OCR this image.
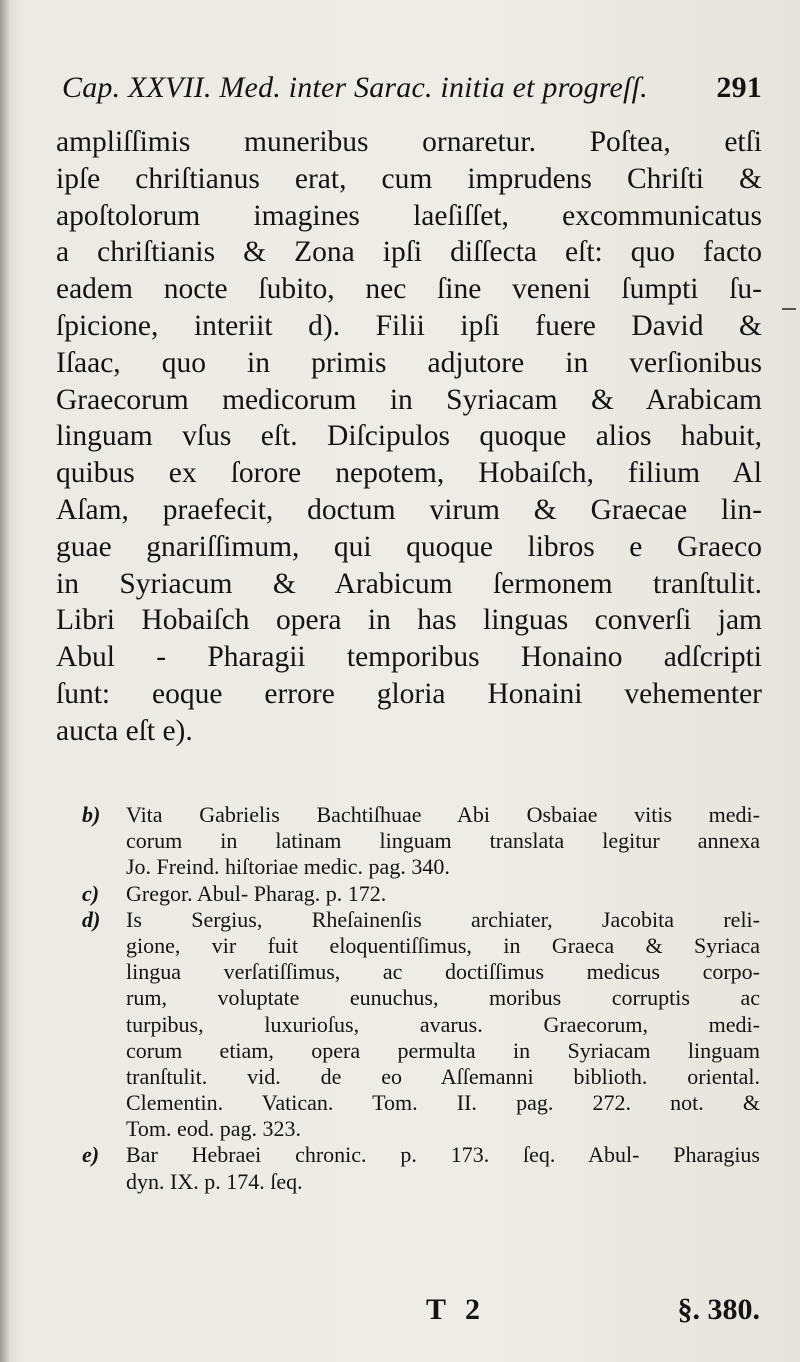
Cap. XXVII. Med. inter Sarac. initia et progreſſ. 291
ampliſſimis muneribus ornaretur. Poſtea, etſi
ipſe chriſtianus erat, cum imprudens Chriſti &
apoſtolorum imagines laeſiſſet, excommunicatus
a chriſtianis & Zona ipſi diſſecta eſt: quo facto
eadem nocte ſubito, nec ſine veneni ſumpti ſu-
ſpicione, interiit d). Filii ipſi fuere David &
Iſaac, quo in primis adjutore in verſionibus
Graecorum medicorum in Syriacam & Arabicam
linguam vſus eſt. Diſcipulos quoque alios habuit,
quibus ex ſorore nepotem, Hobaiſch, filium Al
Aſam, praefecit, doctum virum & Graecae lin-
guae gnariſſimum, qui quoque libros e Graeco
in Syriacum & Arabicum ſermonem tranſtulit.
Libri Hobaiſch opera in has linguas converſi jam
Abul - Pharagii temporibus Honaino adſcripti
ſunt: eoque errore gloria Honaini vehementer
aucta eſt e).
b) Vita Gabrielis Bachtiſhuae Abi Osbaiae vitis medi-
corum in latinam linguam translata legitur annexa
Jo. Freind. hiſtoriae medic. pag. 340.
c) Gregor. Abul- Pharag. p. 172.
d) Is Sergius, Rheſainenſis archiater, Jacobita reli-
gione, vir fuit eloquentiſſimus, in Graeca & Syriaca
lingua verſatiſſimus, ac doctiſſimus medicus corpo-
rum, voluptate eunuchus, moribus corruptis ac
turpibus, luxurioſus, avarus. Graecorum, medi-
corum etiam, opera permulta in Syriacam linguam
tranſtulit. vid. de eo Aſſemanni biblioth. oriental.
Clementin. Vatican. Tom. II. pag. 272. not. &
Tom. eod. pag. 323.
e) Bar Hebraei chronic. p. 173. ſeq. Abul- Pharagius
dyn. IX. p. 174. ſeq.
T 2	§. 380.
